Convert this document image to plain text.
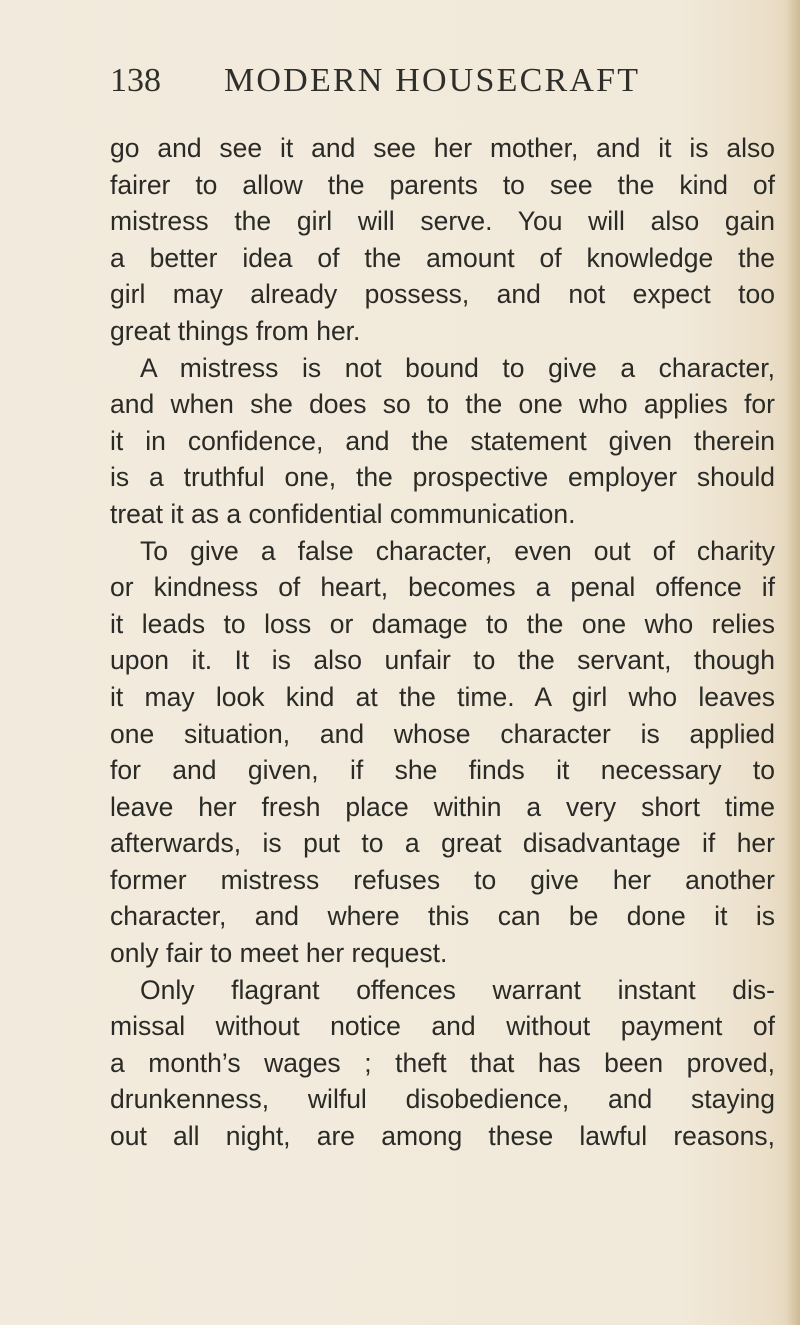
138 MODERN HOUSECRAFT
go and see it and see her mother, and it is also
fairer to allow the parents to see the kind of
mistress the girl will serve. You will also gain
a better idea of the amount of knowledge the
girl may already possess, and not expect too
great things from her.
A mistress is not bound to give a character,
and when she does so to the one who applies for
it in confidence, and the statement given therein
is a truthful one, the prospective employer should
treat it as a confidential communication.
To give a false character, even out of charity
or kindness of heart, becomes a penal offence if
it leads to loss or damage to the one who relies
upon it. It is also unfair to the servant, though
it may look kind at the time. A girl who leaves
one situation, and whose character is applied
for and given, if she finds it necessary to
leave her fresh place within a very short time
afterwards, is put to a great disadvantage if her
former mistress refuses to give her another
character, and where this can be done it is
only fair to meet her request.
Only flagrant offences warrant instant dis-
missal without notice and without payment of
a month’s wages ; theft that has been proved,
drunkenness, wilful disobedience, and staying
out all night, are among these lawful reasons,
